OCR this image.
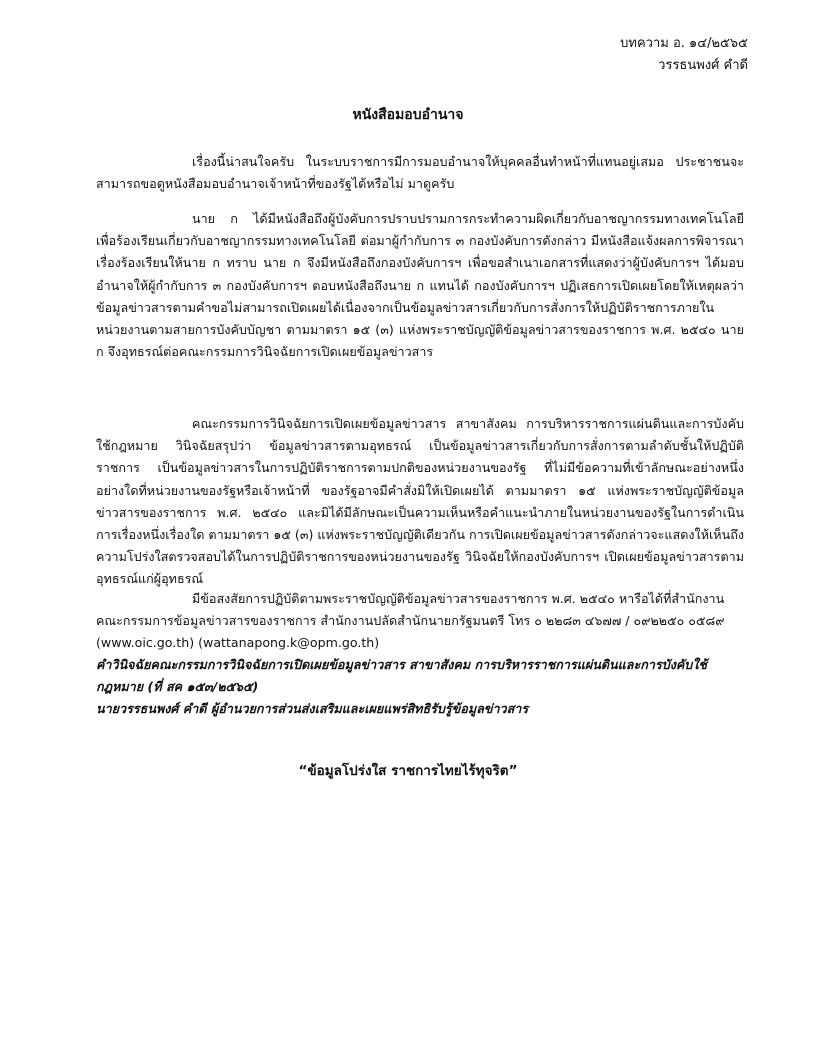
บทความ อ. ๑๔/๒๕๖๕
วรรธนพงศ์ คำดี
หนังสือมอบอำนาจ

เรื่องนี้น่าสนใจครับ ในระบบราชการมีการมอบอำนาจให้บุคคลอื่นทำหน้าที่แทนอยู่เสมอ ประชาชนจะสามารถขอดูหนังสือมอบอำนาจเจ้าหน้าที่ของรัฐได้หรือไม่ มาดูครับ

นาย ก ได้มีหนังสือถึงผู้บังคับการปราบปรามการกระทำความผิดเกี่ยวกับอาชญากรรมทางเทคโนโลยี เพื่อร้องเรียนเกี่ยวกับอาชญากรรมทางเทคโนโลยี ต่อมาผู้กำกับการ ๓ กองบังคับการดังกล่าว มีหนังสือแจ้งผลการพิจารณาเรื่องร้องเรียนให้นาย ก ทราบ นาย ก จึงมีหนังสือถึงกองบังคับการฯ เพื่อขอสำเนาเอกสารที่แสดงว่าผู้บังคับการฯ ได้มอบอำนาจให้ผู้กำกับการ ๓ กองบังคับการฯ ตอบหนังสือถึงนาย ก แทนได้ กองบังคับการฯ ปฏิเสธการเปิดเผยโดยให้เหตุผลว่า ข้อมูลข่าวสารตามคำขอไม่สามารถเปิดเผยได้เนื่องจากเป็นข้อมูลข่าวสารเกี่ยวกับการสั่งการให้ปฏิบัติราชการภายในหน่วยงานตามสายการบังคับบัญชา ตามมาตรา ๑๕ (๓) แห่งพระราชบัญญัติข้อมูลข่าวสารของราชการ พ.ศ. ๒๕๔๐ นาย ก จึงอุทธรณ์ต่อคณะกรรมการวินิจฉัยการเปิดเผยข้อมูลข่าวสาร

คณะกรรมการวินิจฉัยการเปิดเผยข้อมูลข่าวสาร สาขาสังคม การบริหารราชการแผ่นดินและการบังคับใช้กฎหมาย วินิจฉัยสรุปว่า ข้อมูลข่าวสารตามอุทธรณ์ เป็นข้อมูลข่าวสารเกี่ยวกับการสั่งการตามลำดับชั้นให้ปฏิบัติราชการ เป็นข้อมูลข่าวสารในการปฏิบัติราชการตามปกติของหน่วยงานของรัฐ ที่ไม่มีข้อความที่เข้าลักษณะอย่างหนึ่งอย่างใดที่หน่วยงานของรัฐหรือเจ้าหน้าที่ ของรัฐอาจมีคำสั่งมิให้เปิดเผยได้ ตามมาตรา ๑๕ แห่งพระราชบัญญัติข้อมูลข่าวสารของราชการ พ.ศ. ๒๕๔๐ และมิได้มีลักษณะเป็นความเห็นหรือคำแนะนำภายในหน่วยงานของรัฐในการดำเนินการเรื่องหนึ่งเรื่องใด ตามมาตรา ๑๕ (๓) แห่งพระราชบัญญัติเดียวกัน การเปิดเผยข้อมูลข่าวสารดังกล่าวจะแสดงให้เห็นถึงความโปร่งใสตรวจสอบได้ในการปฏิบัติราชการของหน่วยงานของรัฐ วินิจฉัยให้กองบังคับการฯ เปิดเผยข้อมูลข่าวสารตามอุทธรณ์แก่ผู้อุทธรณ์

มีข้อสงสัยการปฏิบัติตามพระราชบัญญัติข้อมูลข่าวสารของราชการ พ.ศ. ๒๕๔๐ หารือได้ที่สำนักงาน

คณะกรรมการข้อมูลข่าวสารของราชการ สำนักงานปลัดสำนักนายกรัฐมนตรี โทร ๐ ๒๒๘๓ ๔๖๗๗ / ๐๙๒๒๕๐ ๐๕๘๙
(www.oic.go.th) (wattanapong.k@opm.go.th)
คำวินิจฉัยคณะกรรมการวินิจฉัยการเปิดเผยข้อมูลข่าวสาร สาขาสังคม การบริหารราชการแผ่นดินและการบังคับใช้กฎหมาย (ที่ สค ๑๕๓/๒๕๖๕)
นายวรรธนพงศ์ คำดี ผู้อำนวยการส่วนส่งเสริมและเผยแพร่สิทธิรับรู้ข้อมูลข่าวสาร
“ข้อมูลโปร่งใส ราชการไทยไร้ทุจริต”
